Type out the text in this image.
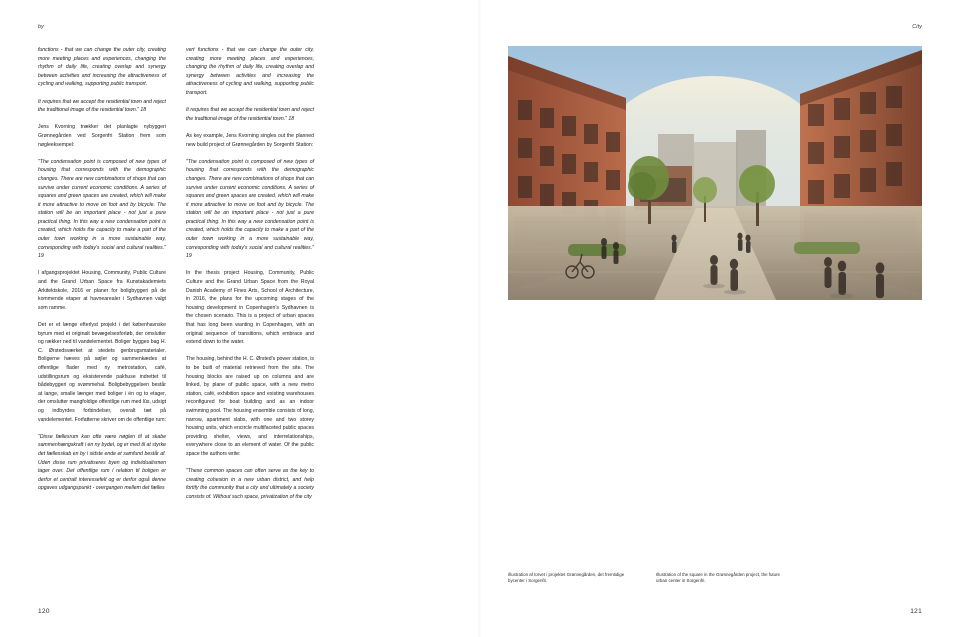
by	City

functions - that we can change the outer city, creating more meeting places and experiences, changing the rhythm of daily life, creating overlap and synergy between activities and increasing the attractiveness of cycling and walking, supporting public transport.

It requires that we accept the residential town and reject the traditional image of the residential town." 18

Jens Kvorning trækker det planlagte nybyggeri Grønnegården ved Sorgenfri Station frem som nøgleeksempel:

"The condensation point is composed of new types of housing that corresponds with the demographic changes. There are new combinations of shops that can survive under current economic conditions. A series of squares and green spaces are created, which will make it more attractive to move on foot and by bicycle. The station will be an important place - not just a pure practical thing. In this way a new condensation point is created, which holds the capacity to make a part of the outer town working in a more sustainable way, corresponding with today's social and cultural realities." 19

I afgangsprojektet Housing, Community, Public Culture and the Grand Urban Space fra Kunstakademiets Arkitektskole, 2016 er planer for boligbyggeri på de kommende etaper at havnearealer i Sydhavnen valgt som ramme.

Det er et længe efterlyst projekt i det københavnske byrum med et originalt bevægelsesforløb, der omslutter og rækker ned til vandelementet. Boliger bygges bag H. C. Ørstedsværket at stedets genbrugsmaterialer. Boligerne hæves på søjler og sammenkædes at offentlige flader med ny metrostation, café, udstillingsrum og eksisterende pakhuse indrettet til bådebyggeri og svømmehal. Boligbebyggelsen består at lange, smalle længer med boliger i én og to etager, der omslutter mangfoldige offentlige rum med lûs, udsigt og indbyrdes forbindelser, overalt tæt på vandelementet. Forfatterne skriver om de offentlige rum:

"Disse fællesrum kan ofte være nøglen til at skabe sammenhængskraft i en ny bydel, og er med til at styrke det fællesskab en by i sidste ende et samfund består af. Uden disse rum privatiseres byen og individualismen tager over. Det offentlige rum i relation til boligen er derfor et centralt interessefelt og er derfor også denne opgaves udgangspunkt - overgangen mellem det fælles

vert functions - that we can change the outer city, creating more meeting places and experiences, changing the rhythm of daily life, creating overlap and synergy between activities and increasing the attractiveness of cycling and walking, supporting public transport.

It requires that we accept the residential town and reject the traditional image of the residential town." 18

As key example, Jens Kvorning singles out the planned new build project of Grønnegården by Sorgenfri Station:

"The condensation point is composed of new types of housing that corresponds with the demographic changes. There are new combinations of shops that can survive under current economic conditions. A series of squares and green spaces are created, which will make it more attractive to move on foot and by bicycle. The station will be an important place - not just a pure practical thing. In this way a new condensation point is created, which holds the capacity to make a part of the outer town working in a more sustainable way, corresponding with today's social and cultural realities." 19

In the thesis project Housing, Community, Public Culture and the Grand Urban Space from the Royal Danish Academy of Fines Arts, School of Architecture, in 2016, the plans for the upcoming stages of the housing development in Copenhagen's Sydhavnen is the chosen scenario. This is a project of urban spaces that has long been wanting in Copenhagen, with an original sequence of transitions, which embrace and extend down to the water.

The housing, behind the H. C. Ørsted's power station, is to be built of material retrieved from the site. The housing blocks are raised up on columns and are linked, by plane of public space, with a new metro station, café, exhibition space and existing warehouses reconfigured for boat building and as an indoor swimming pool. The housing ensemble consists of long, narrow, apartment slabs, with one and two storey housing units, which encircle multifaceted public spaces providing shelter, views, and interrelationships, everywhere close to an element of water. Of the public space the authors write:

"These common spaces can often serve as the key to creating cohesion in a new urban district, and help fortify the community that a city and ultimately a society consists of. Without such space, privatization of the city

Illustration af torvet i projektet Grønnegården, det fremtidige bycenter i Sorgenfri.
Illustration of the square in the Grønnegården project, the future urban center in Sorgenfri.
120	121
